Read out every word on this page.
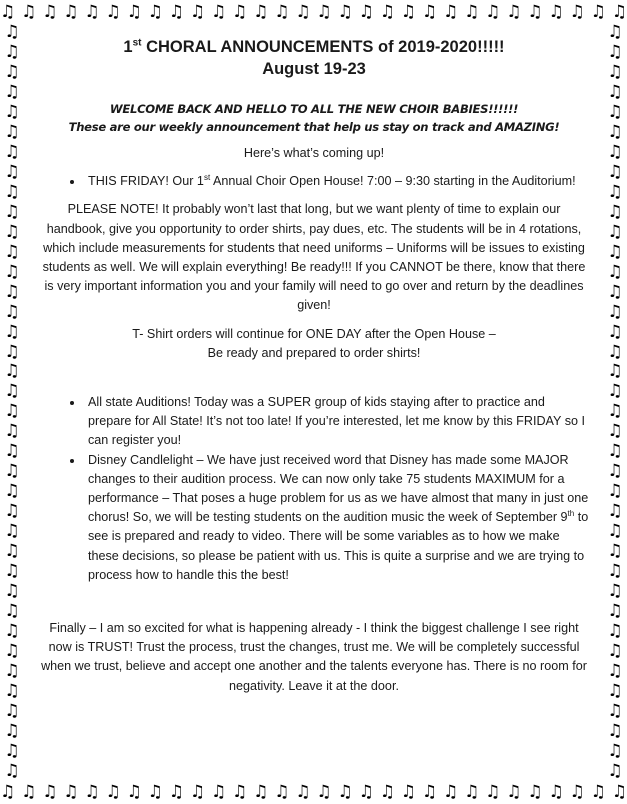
♫ ♫ ♫ ♫ ♫ ♫ ♫ ♫ ♫ ♫ ♫ ♫ ♫ ♫ ♫ ♫ ♫ ♫ ♫ ♫ ♫ ♫ ♫ ♫ ♫ ♫ ♫ ♫ ♫ ♫
♫ ♫ ♫ ♫ ♫ ♫ ♫ ♫ ♫ ♫ ♫ ♫ ♫ ♫ ♫ ♫ ♫ ♫ ♫ ♫ ♫ ♫ ♫ ♫ ♫ ♫ ♫ ♫ ♫ ♫
♫
♫
♫
♫
♫
♫
♫
♫
♫
♫
♫
♫
♫
♫
♫
♫
♫
♫
♫
♫
♫
♫
♫
♫
♫
♫
♫
♫
♫
♫
♫
♫
♫
♫
♫
♫
♫
♫
♫
♫
♫
♫
♫
♫
♫
♫
♫
♫
♫
♫
♫
♫
♫
♫
♫
♫
♫
♫
♫
♫
♫
♫
♫
♫
♫
♫
♫
♫
♫
♫
♫
♫
♫
♫
♫
♫

1st CHORAL ANNOUNCEMENTS of 2019-2020!!!!!

August 19-23

WELCOME BACK AND HELLO TO ALL THE NEW CHOIR BABIES!!!!!!

These are our weekly announcement that help us stay on track and AMAZING!

Here’s what’s coming up!

• THIS FRIDAY! Our 1st Annual Choir Open House! 7:00 – 9:30 starting in the Auditorium!

PLEASE NOTE! It probably won’t last that long, but we want plenty of time to explain our handbook, give you opportunity to order shirts, pay dues, etc. The students will be in 4 rotations, which include measurements for students that need uniforms – Uniforms will be issues to existing students as well. We will explain everything! Be ready!!! If you CANNOT be there, know that there is very important information you and your family will need to go over and return by the deadlines given!

T- Shirt orders will continue for ONE DAY after the Open House –

Be ready and prepared to order shirts!

• All state Auditions! Today was a SUPER group of kids staying after to practice and prepare for All State! It’s not too late! If you’re interested, let me know by this FRIDAY so I can register you!
• Disney Candlelight – We have just received word that Disney has made some MAJOR changes to their audition process. We can now only take 75 students MAXIMUM for a performance – That poses a huge problem for us as we have almost that many in just one chorus! So, we will be testing students on the audition music the week of September 9th to see is prepared and ready to video. There will be some variables as to how we make these decisions, so please be patient with us. This is quite a surprise and we are trying to process how to handle this the best!

Finally – I am so excited for what is happening already - I think the biggest challenge I see right now is TRUST! Trust the process, trust the changes, trust me. We will be completely successful when we trust, believe and accept one another and the talents everyone has. There is no room for negativity. Leave it at the door.
